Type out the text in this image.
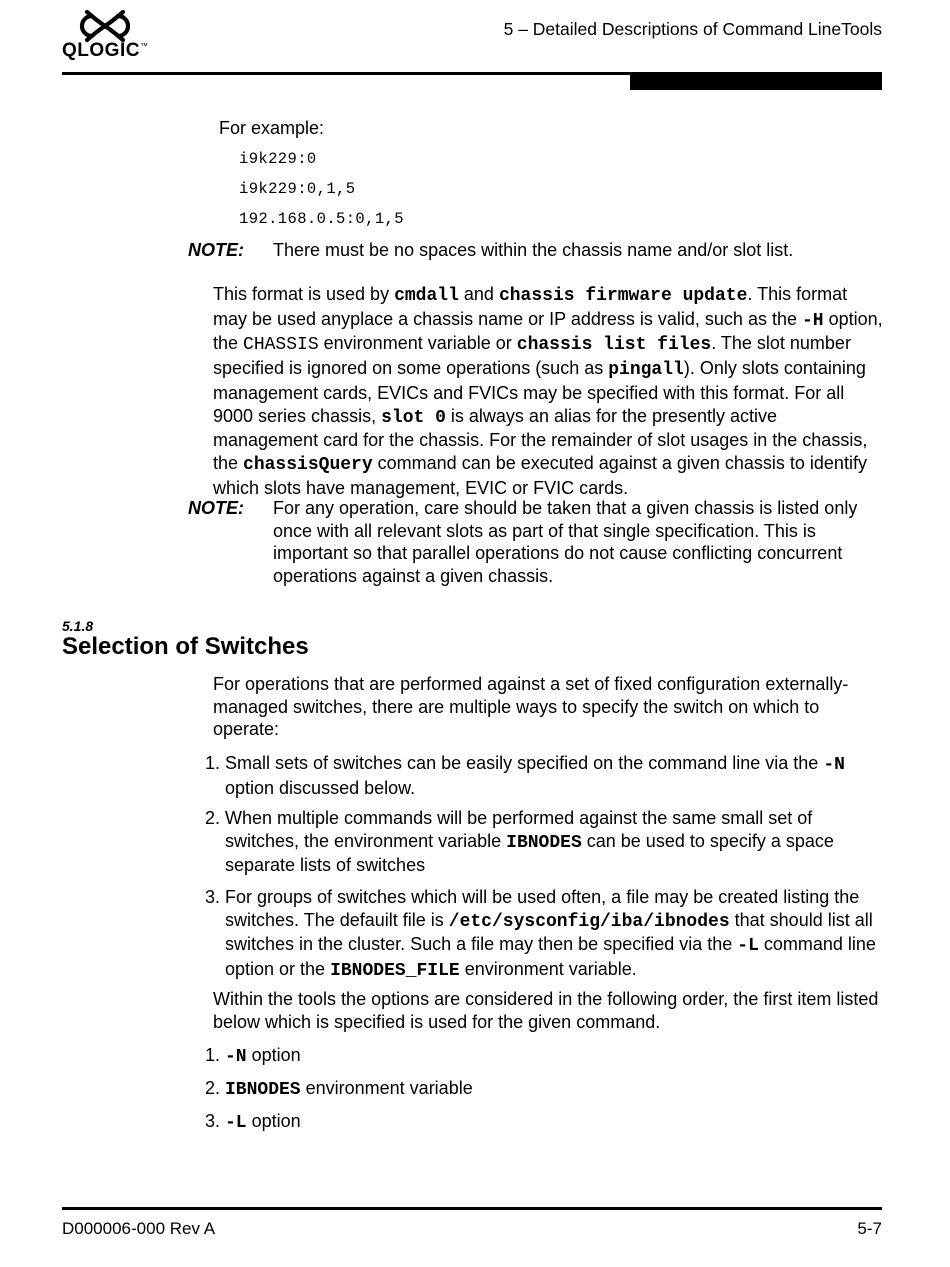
QLOGIC™
5 – Detailed Descriptions of Command LineTools
For example:
i9k229:0
i9k229:0,1,5
192.168.0.5:0,1,5
NOTE: There must be no spaces within the chassis name and/or slot list.
This format is used by cmdall and chassis firmware update. This format may be used anyplace a chassis name or IP address is valid, such as the -H option, the CHASSIS environment variable or chassis list files. The slot number specified is ignored on some operations (such as pingall). Only slots containing management cards, EVICs and FVICs may be specified with this format. For all 9000 series chassis, slot 0 is always an alias for the presently active management card for the chassis. For the remainder of slot usages in the chassis, the chassisQuery command can be executed against a given chassis to identify which slots have management, EVIC or FVIC cards.
NOTE: For any operation, care should be taken that a given chassis is listed only once with all relevant slots as part of that single specification. This is important so that parallel operations do not cause conflicting concurrent operations against a given chassis.
5.1.8
Selection of Switches
For operations that are performed against a set of fixed configuration externally-managed switches, there are multiple ways to specify the switch on which to operate:
1. Small sets of switches can be easily specified on the command line via the -N option discussed below.
2. When multiple commands will be performed against the same small set of switches, the environment variable IBNODES can be used to specify a space separate lists of switches
3. For groups of switches which will be used often, a file may be created listing the switches. The defauilt file is /etc/sysconfig/iba/ibnodes that should list all switches in the cluster. Such a file may then be specified via the -L command line option or the IBNODES_FILE environment variable.
Within the tools the options are considered in the following order, the first item listed below which is specified is used for the given command.
1. -N option
2. IBNODES environment variable
3. -L option
D000006-000 Rev A	5-7
